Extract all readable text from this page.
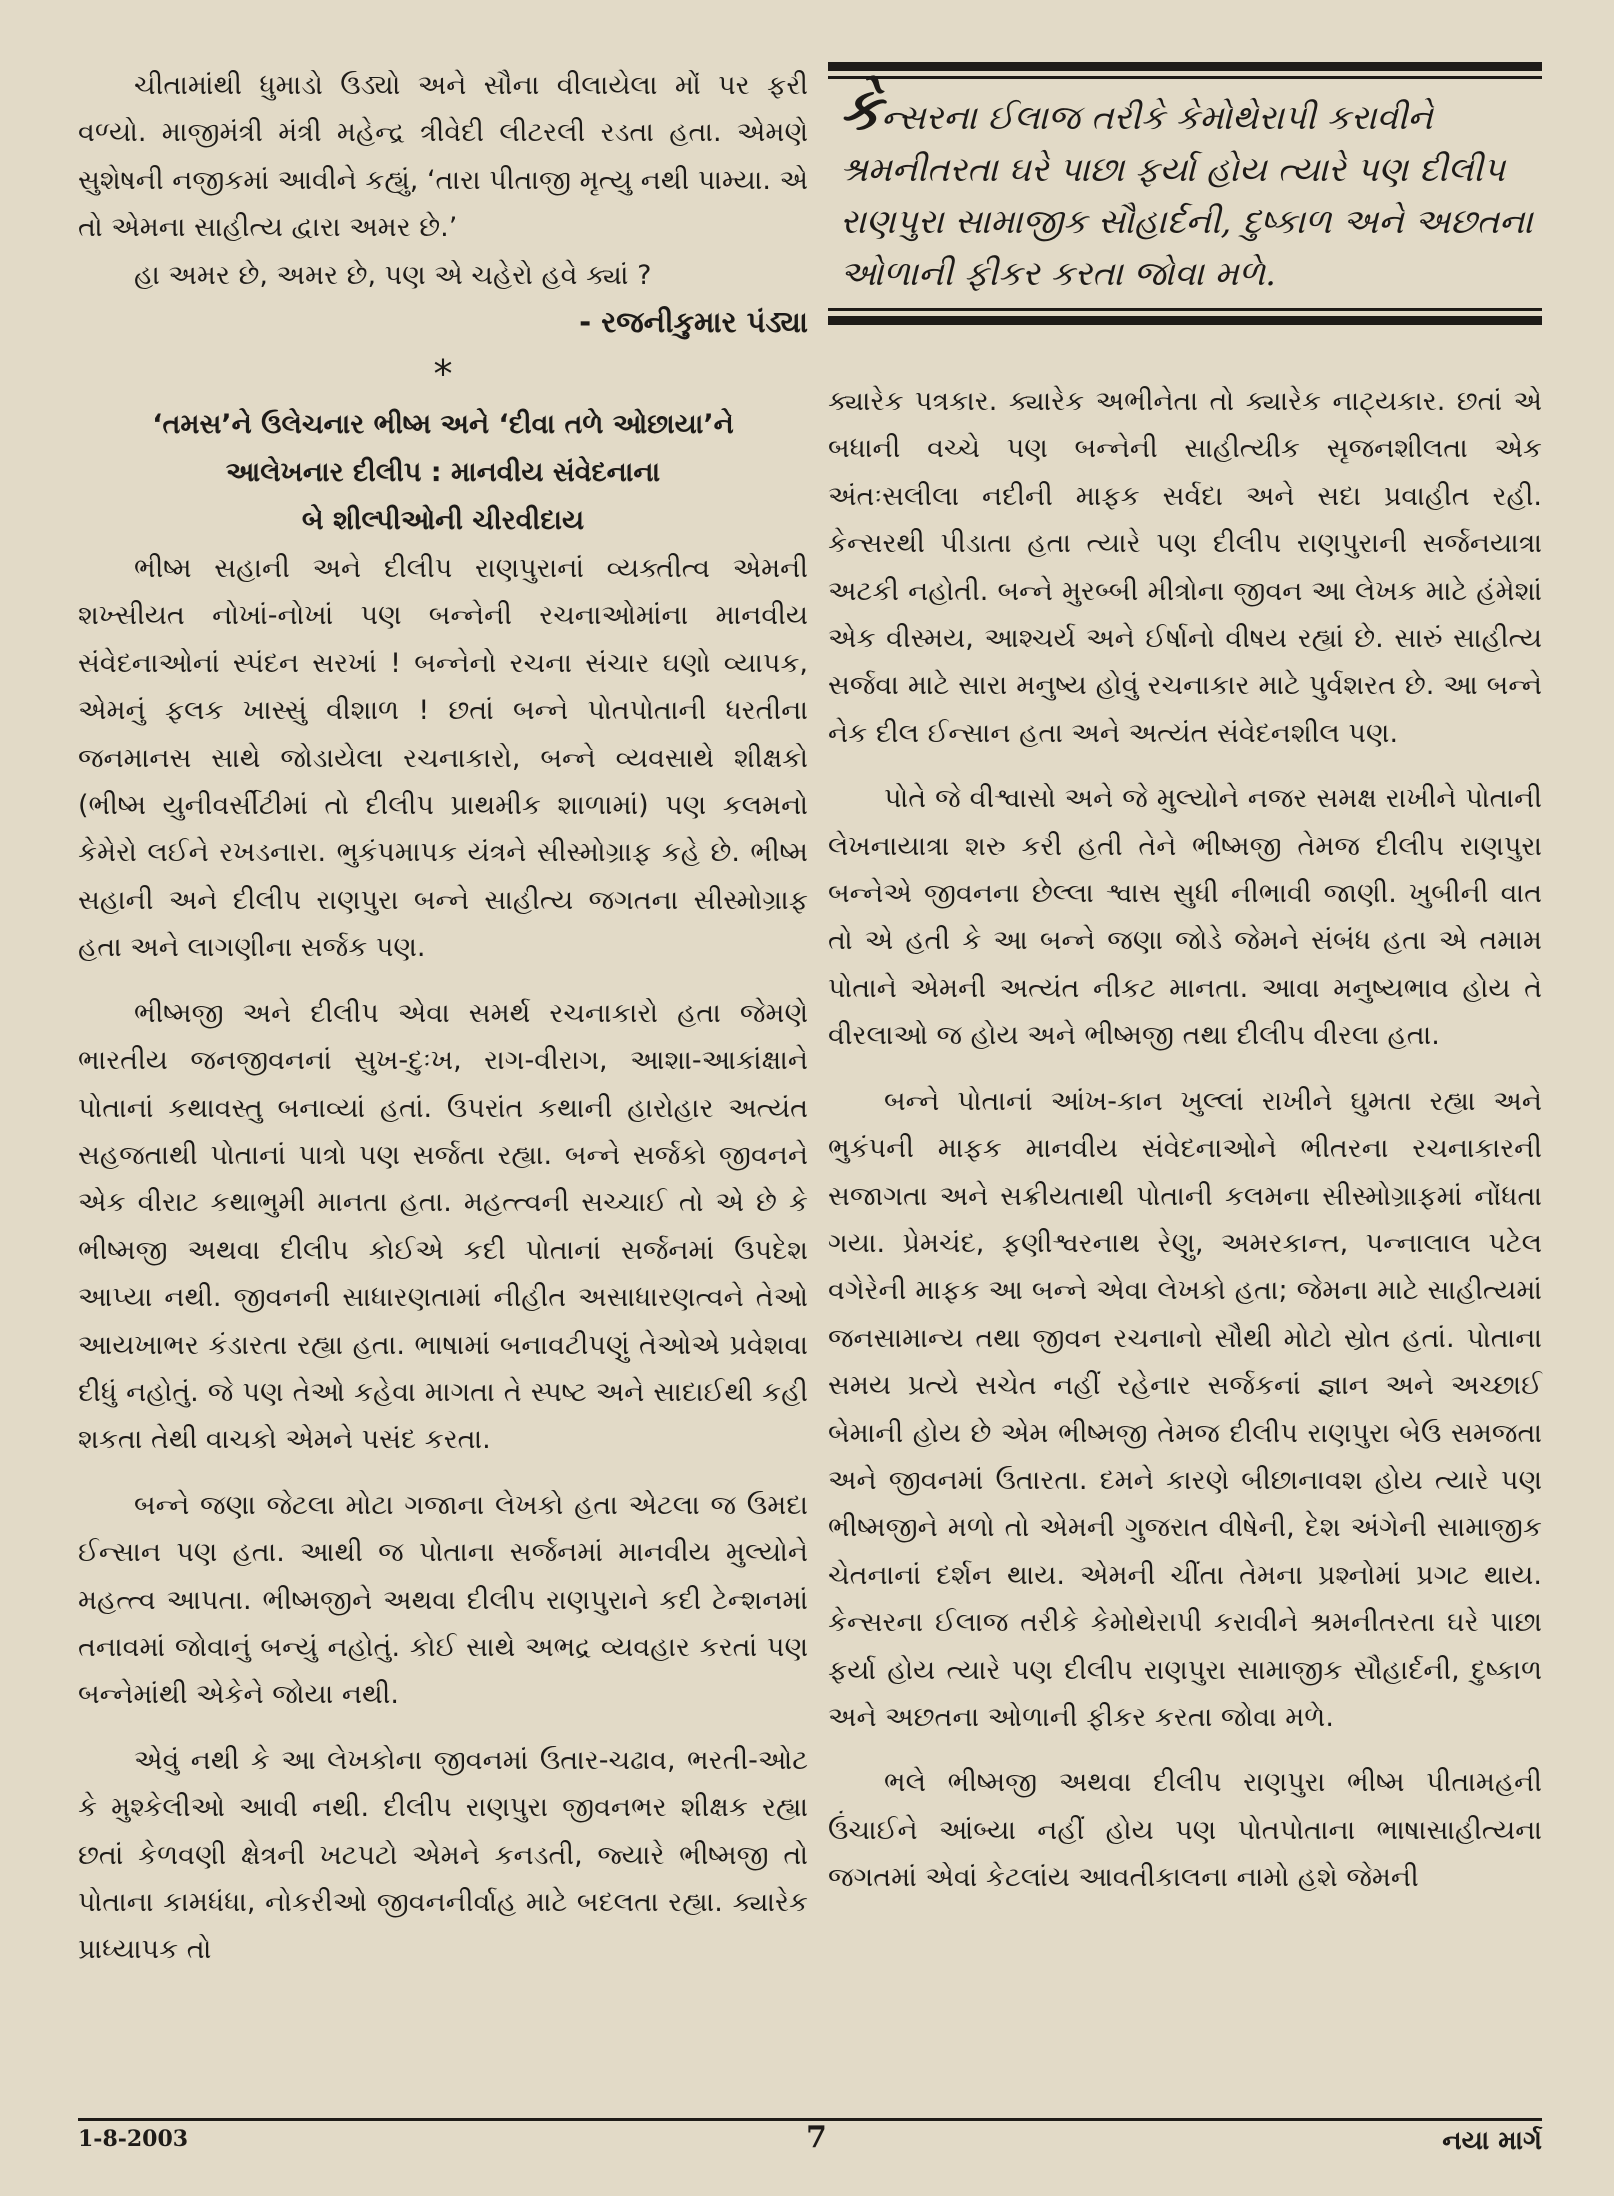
ચીતામાંથી ધુમાડો ઉડ્યો અને સૌના વીલાયેલા મોં પર ફરી વળ્યો. માજીમંત્રી મંત્રી મહેન્દ્ર ત્રીવેદી લીટરલી રડતા હતા. એમણે સુશેષની નજીકમાં આવીને કહ્યું, ‘તારા પીતાજી મૃત્યુ નથી પામ્યા. એ તો એમના સાહીત્ય દ્વારા અમર છે.’

હા અમર છે, અમર છે, પણ એ ચહેરો હવે ક્યાં ?

- રજનીકુમાર પંડ્યા
*
‘તમસ’ને ઉલેચનાર ભીષ્મ અને ‘દીવા તળે ઓછાયા’ને
આલેખનાર દીલીપ : માનવીય સંવેદનાના
બે શીલ્પીઓની ચીરવીદાય

ભીષ્મ સહાની અને દીલીપ રાણપુરાનાં વ્યક્તીત્વ એમની શખ્સીયત નોખાં-નોખાં પણ બન્નેની રચનાઓમાંના માનવીય સંવેદનાઓનાં સ્પંદન સરખાં ! બન્નેનો રચના સંચાર ઘણો વ્યાપક, એમનું ફલક ખાસ્સું વીશાળ ! છતાં બન્ને પોતપોતાની ધરતીના જનમાનસ સાથે જોડાયેલા રચનાકારો, બન્ને વ્યવસાથે શીક્ષકો (ભીષ્મ યુનીવર્સીટીમાં તો દીલીપ પ્રાથમીક શાળામાં) પણ કલમનો કેમેરો લઈને રખડનારા. ભુકંપમાપક યંત્રને સીસ્મોગ્રાફ કહે છે. ભીષ્મ સહાની અને દીલીપ રાણપુરા બન્ને સાહીત્ય જગતના સીસ્મોગ્રાફ હતા અને લાગણીના સર્જક પણ.

ભીષ્મજી અને દીલીપ એવા સમર્થ રચનાકારો હતા જેમણે ભારતીય જનજીવનનાં સુખ-દુઃખ, રાગ-વીરાગ, આશા-આકાંક્ષાને પોતાનાં કથાવસ્તુ બનાવ્યાં હતાં. ઉપરાંત કથાની હારોહાર અત્યંત સહજતાથી પોતાનાં પાત્રો પણ સર્જતા રહ્યા. બન્ને સર્જકો જીવનને એક વીરાટ કથાભુમી માનતા હતા. મહત્ત્વની સચ્ચાઈ તો એ છે કે ભીષ્મજી અથવા દીલીપ કોઈએ કદી પોતાનાં સર્જનમાં ઉપદેશ આપ્યા નથી. જીવનની સાધારણતામાં નીહીત અસાધારણત્વને તેઓ આયખાભર કંડારતા રહ્યા હતા. ભાષામાં બનાવટીપણું તેઓએ પ્રવેશવા દીધું નહોતું. જે પણ તેઓ કહેવા માગતા તે સ્પષ્ટ અને સાદાઈથી કહી શકતા તેથી વાચકો એમને પસંદ કરતા.

બન્ને જણા જેટલા મોટા ગજાના લેખકો હતા એટલા જ ઉમદા ઈન્સાન પણ હતા. આથી જ પોતાના સર્જનમાં માનવીય મુલ્યોને મહત્ત્વ આપતા. ભીષ્મજીને અથવા દીલીપ રાણપુરાને કદી ટેન્શનમાં તનાવમાં જોવાનું બન્યું નહોતું. કોઈ સાથે અભદ્ર વ્યવહાર કરતાં પણ બન્નેમાંથી એકેને જોયા નથી.

એવું નથી કે આ લેખકોના જીવનમાં ઉતાર-ચઢાવ, ભરતી-ઓટ કે મુશ્કેલીઓ આવી નથી. દીલીપ રાણપુરા જીવનભર શીક્ષક રહ્યા છતાં કેળવણી ક્ષેત્રની ખટપટો એમને કનડતી, જ્યારે ભીષ્મજી તો પોતાના કામધંધા, નોકરીઓ જીવનનીર્વાહ માટે બદલતા રહ્યા. ક્યારેક પ્રાધ્યાપક તો

કેન્સરના ઈલાજ તરીકે કેમોથેરાપી કરાવીને શ્રમનીતરતા ઘરે પાછા ફર્યા હોય ત્યારે પણ દીલીપ રાણપુરા સામાજીક સૌહાર્દની, દુષ્કાળ અને અછતના ઓળાની ફીકર કરતા જોવા મળે.

ક્યારેક પત્રકાર. ક્યારેક અભીનેતા તો ક્યારેક નાટ્યકાર. છતાં એ બધાની વચ્ચે પણ બન્નેની સાહીત્યીક સૃજનશીલતા એક અંતઃસલીલા નદીની માફક સર્વદા અને સદા પ્રવાહીત રહી. કેન્સરથી પીડાતા હતા ત્યારે પણ દીલીપ રાણપુરાની સર્જનયાત્રા અટકી નહોતી. બન્ને મુરબ્બી મીત્રોના જીવન આ લેખક માટે હંમેશાં એક વીસ્મય, આશ્ચર્ય અને ઈર્ષાનો વીષય રહ્યાં છે. સારું સાહીત્ય સર્જવા માટે સારા મનુષ્ય હોવું રચનાકાર માટે પુર્વશરત છે. આ બન્ને નેક દીલ ઈન્સાન હતા અને અત્યંત સંવેદનશીલ પણ.

પોતે જે વીશ્વાસો અને જે મુલ્યોને નજર સમક્ષ રાખીને પોતાની લેખનાયાત્રા શરુ કરી હતી તેને ભીષ્મજી તેમજ દીલીપ રાણપુરા બન્નેએ જીવનના છેલ્લા શ્વાસ સુધી નીભાવી જાણી. ખુબીની વાત તો એ હતી કે આ બન્ને જણા જોડે જેમને સંબંધ હતા એ તમામ પોતાને એમની અત્યંત નીકટ માનતા. આવા મનુષ્યભાવ હોય તે વીરલાઓ જ હોય અને ભીષ્મજી તથા દીલીપ વીરલા હતા.

બન્ને પોતાનાં આંખ-કાન ખુલ્લાં રાખીને ઘુમતા રહ્યા અને ભુકંપની માફક માનવીય સંવેદનાઓને ભીતરના રચનાકારની સજાગતા અને સક્રીયતાથી પોતાની કલમના સીસ્મોગ્રાફમાં નોંધતા ગયા. પ્રેમચંદ, ફણીશ્વરનાથ રેણુ, અમરકાન્ત, પન્નાલાલ પટેલ વગેરેની માફક આ બન્ને એવા લેખકો હતા; જેમના માટે સાહીત્યમાં જનસામાન્ય તથા જીવન રચનાનો સૌથી મોટો સ્રોત હતાં. પોતાના સમય પ્રત્યે સચેત નહીં રહેનાર સર્જકનાં જ્ઞાન અને અચ્છાઈ બેમાની હોય છે એમ ભીષ્મજી તેમજ દીલીપ રાણપુરા બેઉ સમજતા અને જીવનમાં ઉતારતા. દમને કારણે બીછાનાવશ હોય ત્યારે પણ ભીષ્મજીને મળો તો એમની ગુજરાત વીષેની, દેશ અંગેની સામાજીક ચેતનાનાં દર્શન થાય. એમની ચીંતા તેમના પ્રશ્નોમાં પ્રગટ થાય. કેન્સરના ઈલાજ તરીકે કેમોથેરાપી કરાવીને શ્રમનીતરતા ઘરે પાછા ફર્યા હોય ત્યારે પણ દીલીપ રાણપુરા સામાજીક સૌહાર્દની, દુષ્કાળ અને અછતના ઓળાની ફીકર કરતા જોવા મળે.

ભલે ભીષ્મજી અથવા દીલીપ રાણપુરા ભીષ્મ પીતામહની ઉંચાઈને આંબ્યા નહીં હોય પણ પોતપોતાના ભાષાસાહીત્યના જગતમાં એવાં કેટલાંય આવતીકાલના નામો હશે જેમની

1-8-2003	7	નયા માર્ગ
